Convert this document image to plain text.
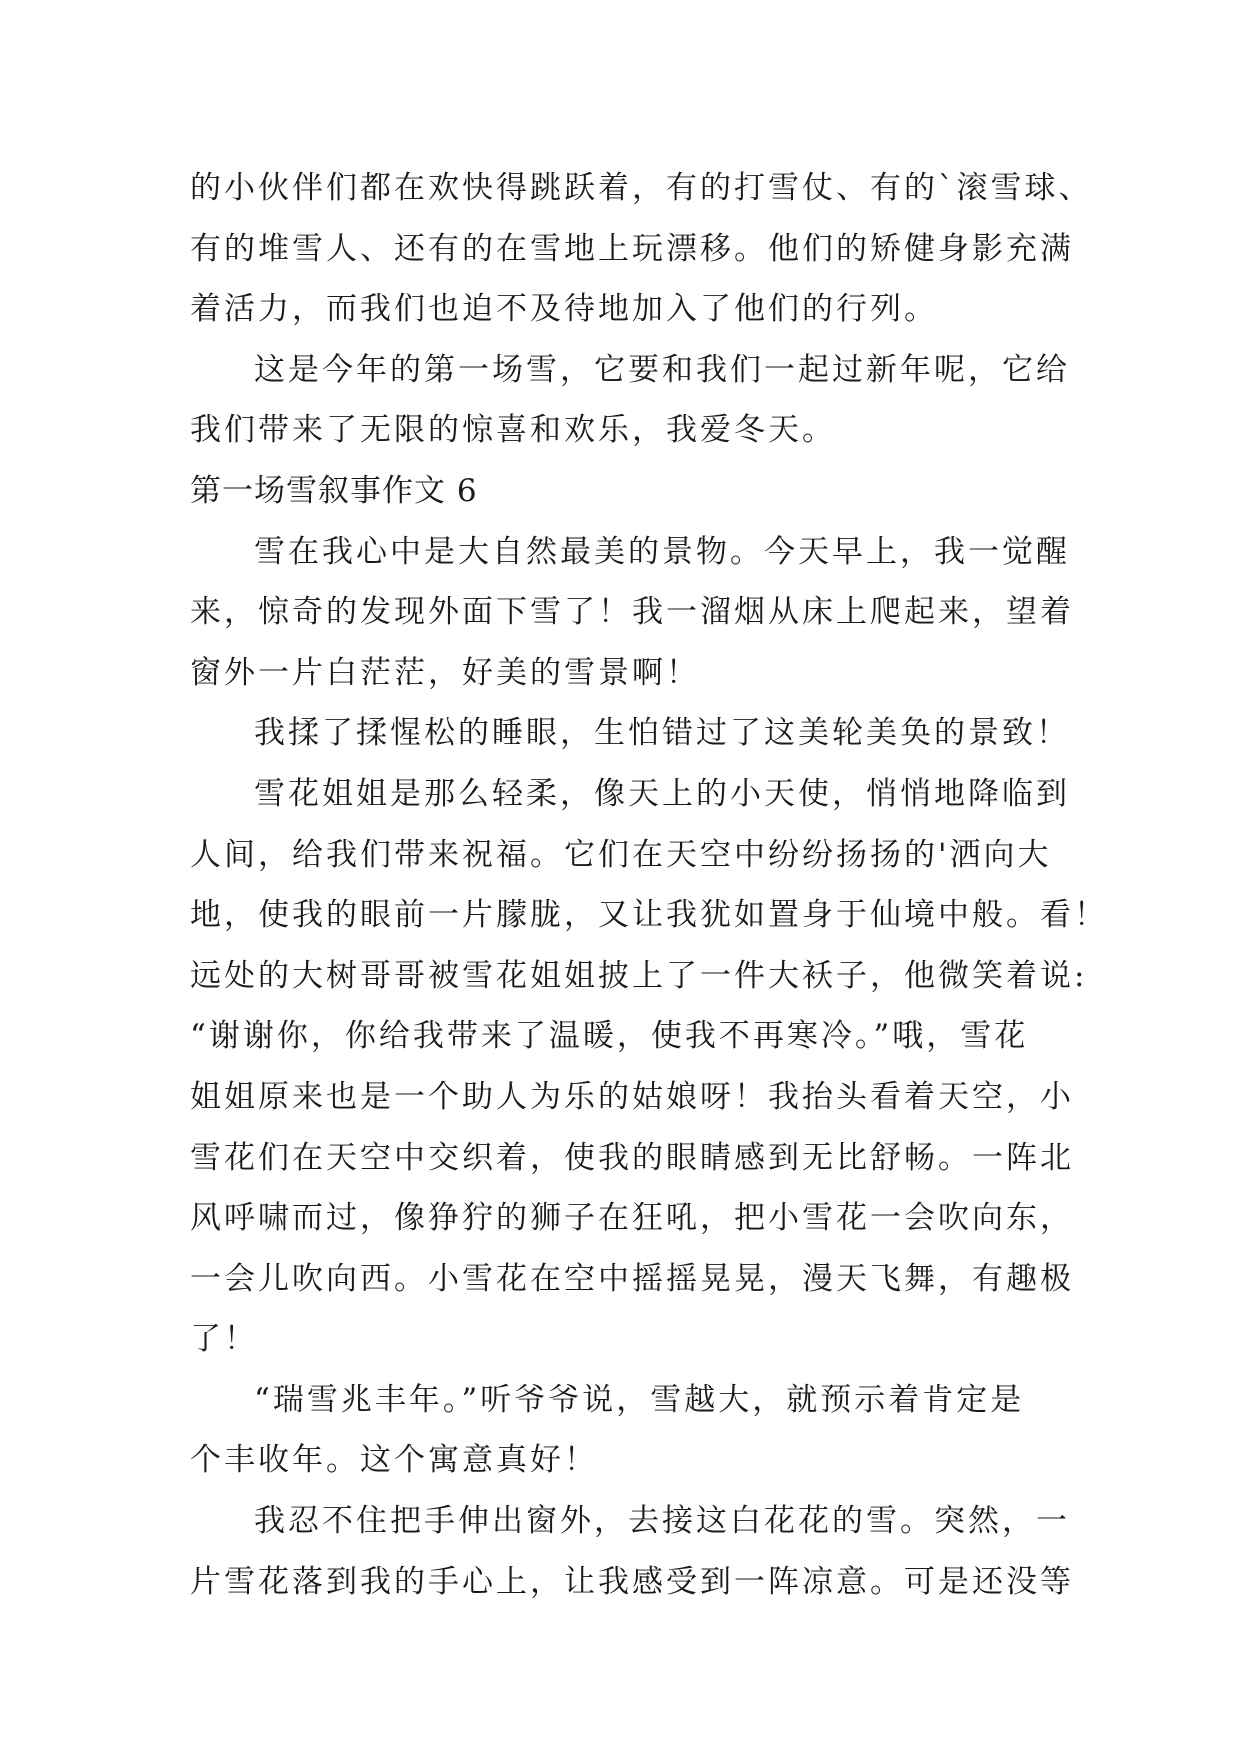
的小伙伴们都在欢快得跳跃着，有的打雪仗、有的`滚雪球、
有的堆雪人、还有的在雪地上玩漂移。他们的矫健身影充满
着活力，而我们也迫不及待地加入了他们的行列。
这是今年的第一场雪，它要和我们一起过新年呢，它给
我们带来了无限的惊喜和欢乐，我爱冬天。
第一场雪叙事作文 6
雪在我心中是大自然最美的景物。今天早上，我一觉醒
来，惊奇的发现外面下雪了！我一溜烟从床上爬起来，望着
窗外一片白茫茫，好美的雪景啊！
我揉了揉惺松的睡眼，生怕错过了这美轮美奂的景致！
雪花姐姐是那么轻柔，像天上的小天使，悄悄地降临到
人间，给我们带来祝福。它们在天空中纷纷扬扬的'洒向大
地，使我的眼前一片朦胧，又让我犹如置身于仙境中般。看！
远处的大树哥哥被雪花姐姐披上了一件大袄子，他微笑着说:
“谢谢你，你给我带来了温暖，使我不再寒冷。”哦，雪花
姐姐原来也是一个助人为乐的姑娘呀！我抬头看着天空，小
雪花们在天空中交织着，使我的眼睛感到无比舒畅。一阵北
风呼啸而过，像狰狞的狮子在狂吼，把小雪花一会吹向东，
一会儿吹向西。小雪花在空中摇摇晃晃，漫天飞舞，有趣极
了！
“瑞雪兆丰年。”听爷爷说，雪越大，就预示着肯定是
个丰收年。这个寓意真好！
我忍不住把手伸出窗外，去接这白花花的雪。突然，一
片雪花落到我的手心上，让我感受到一阵凉意。可是还没等
